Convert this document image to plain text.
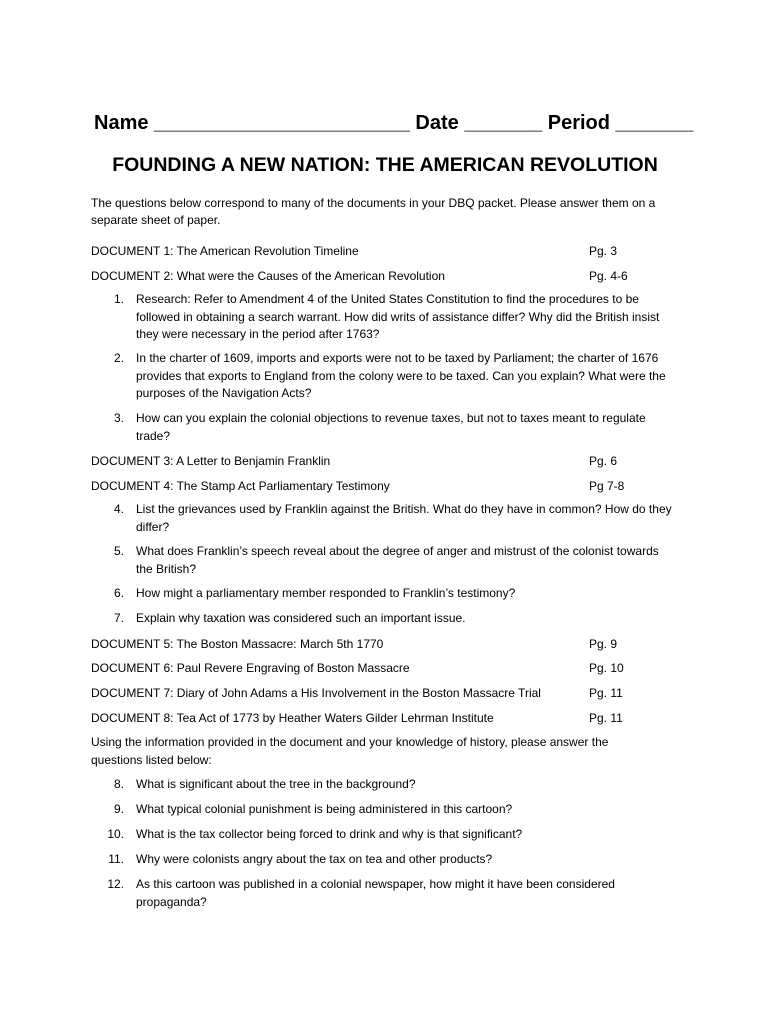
Name _______________________ Date _______ Period _______
FOUNDING A NEW NATION: THE AMERICAN REVOLUTION
The questions below correspond to many of the documents in your DBQ packet. Please answer them on a separate sheet of paper.
DOCUMENT 1: The American Revolution Timeline	Pg. 3
DOCUMENT 2: What were the Causes of the American Revolution	Pg. 4-6
1. Research: Refer to Amendment 4 of the United States Constitution to find the procedures to be followed in obtaining a search warrant. How did writs of assistance differ? Why did the British insist they were necessary in the period after 1763?
2. In the charter of 1609, imports and exports were not to be taxed by Parliament; the charter of 1676 provides that exports to England from the colony were to be taxed. Can you explain? What were the purposes of the Navigation Acts?
3. How can you explain the colonial objections to revenue taxes, but not to taxes meant to regulate trade?
DOCUMENT 3: A Letter to Benjamin Franklin	Pg. 6
DOCUMENT 4: The Stamp Act Parliamentary Testimony	Pg 7-8
4. List the grievances used by Franklin against the British. What do they have in common? How do they differ?
5. What does Franklin’s speech reveal about the degree of anger and mistrust of the colonist towards the British?
6. How might a parliamentary member responded to Franklin’s testimony?
7. Explain why taxation was considered such an important issue.
DOCUMENT 5: The Boston Massacre: March 5th 1770	Pg. 9
DOCUMENT 6: Paul Revere Engraving of Boston Massacre	Pg. 10
DOCUMENT 7: Diary of John Adams a His Involvement in the Boston Massacre Trial	Pg. 11
DOCUMENT 8: Tea Act of 1773 by Heather Waters Gilder Lehrman Institute	Pg. 11
Using the information provided in the document and your knowledge of history, please answer the questions listed below:
8. What is significant about the tree in the background?
9. What typical colonial punishment is being administered in this cartoon?
10. What is the tax collector being forced to drink and why is that significant?
11. Why were colonists angry about the tax on tea and other products?
12. As this cartoon was published in a colonial newspaper, how might it have been considered propaganda?
